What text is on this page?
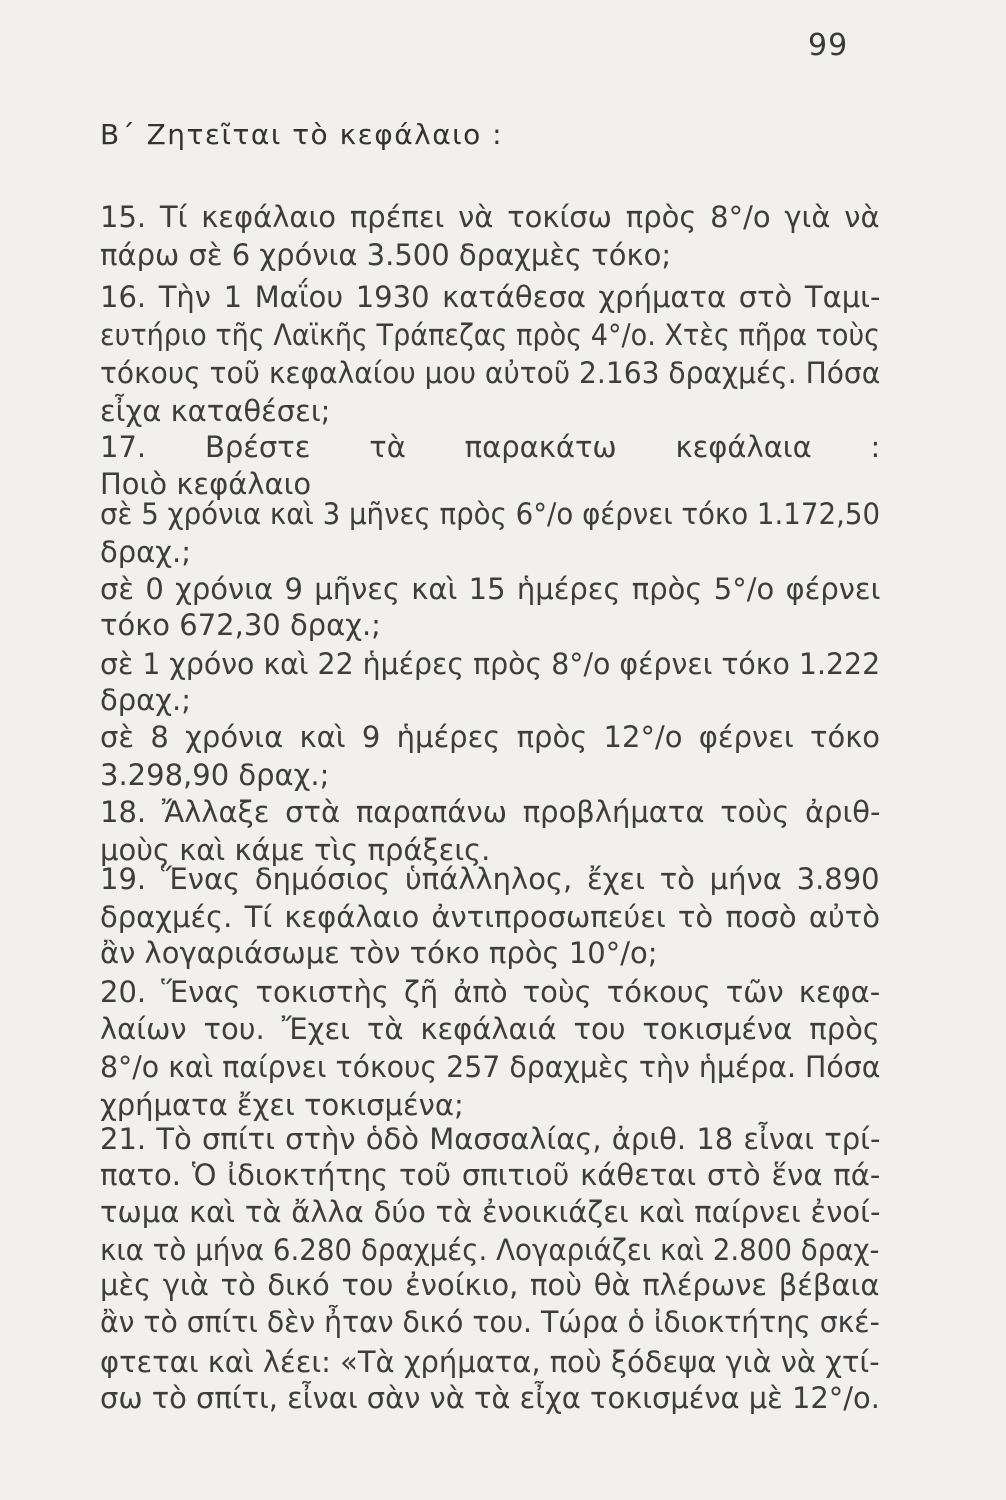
99
Β΄ Ζητεῖται τὸ κεφάλαιο :
15. Τί κεφάλαιο πρέπει νὰ τοκίσω πρὸς 8°/ο γιὰ νὰ
πάρω σὲ 6 χρόνια 3.500 δραχμὲς τόκο;
16. Τὴν 1 Μαΐου 1930 κατάθεσα χρήματα στὸ Ταμι-
ευτήριο τῆς Λαϊκῆς Τράπεζας πρὸς 4°/ο. Χτὲς πῆρα τοὺς
τόκους τοῦ κεφαλαίου μου αὐτοῦ 2.163 δραχμές. Πόσα
εἶχα καταθέσει;
17. Βρέστε τὰ παρακάτω κεφάλαια :
Ποιὸ κεφάλαιο
σὲ 5 χρόνια καὶ 3 μῆνες πρὸς 6°/ο φέρνει τόκο 1.172,50
δραχ.;
σὲ 0 χρόνια 9 μῆνες καὶ 15 ἡμέρες πρὸς 5°/ο φέρνει
τόκο 672,30 δραχ.;
σὲ 1 χρόνο καὶ 22 ἡμέρες πρὸς 8°/ο φέρνει τόκο 1.222
δραχ.;
σὲ 8 χρόνια καὶ 9 ἡμέρες πρὸς 12°/ο φέρνει τόκο
3.298,90 δραχ.;
18. Ἄλλαξε στὰ παραπάνω προβλήματα τοὺς ἀριθ-
μοὺς καὶ κάμε τὶς πράξεις.
19. Ἕνας δημόσιος ὑπάλληλος, ἔχει τὸ μήνα 3.890
δραχμές. Τί κεφάλαιο ἀντιπροσωπεύει τὸ ποσὸ αὐτὸ
ἂν λογαριάσωμε τὸν τόκο πρὸς 10°/ο;
20. Ἕνας τοκιστὴς ζῆ ἀπὸ τοὺς τόκους τῶν κεφα-
λαίων του. Ἔχει τὰ κεφάλαιά του τοκισμένα πρὸς
8°/ο καὶ παίρνει τόκους 257 δραχμὲς τὴν ἡμέρα. Πόσα
χρήματα ἔχει τοκισμένα;
21. Τὸ σπίτι στὴν ὁδὸ Μασσαλίας, ἀριθ. 18 εἶναι τρί-
πατο. Ὁ ἰδιοκτήτης τοῦ σπιτιοῦ κάθεται στὸ ἕνα πά-
τωμα καὶ τὰ ἄλλα δύο τὰ ἐνοικιάζει καὶ παίρνει ἐνοί-
κια τὸ μήνα 6.280 δραχμές. Λογαριάζει καὶ 2.800 δραχ-
μὲς γιὰ τὸ δικό του ἐνοίκιο, ποὺ θὰ πλέρωνε βέβαια
ἂν τὸ σπίτι δὲν ἦταν δικό του. Τώρα ὁ ἰδιοκτήτης σκέ-
φτεται καὶ λέει: «Τὰ χρήματα, ποὺ ξόδεψα γιὰ νὰ χτί-
σω τὸ σπίτι, εἶναι σὰν νὰ τὰ εἶχα τοκισμένα μὲ 12°/ο.
